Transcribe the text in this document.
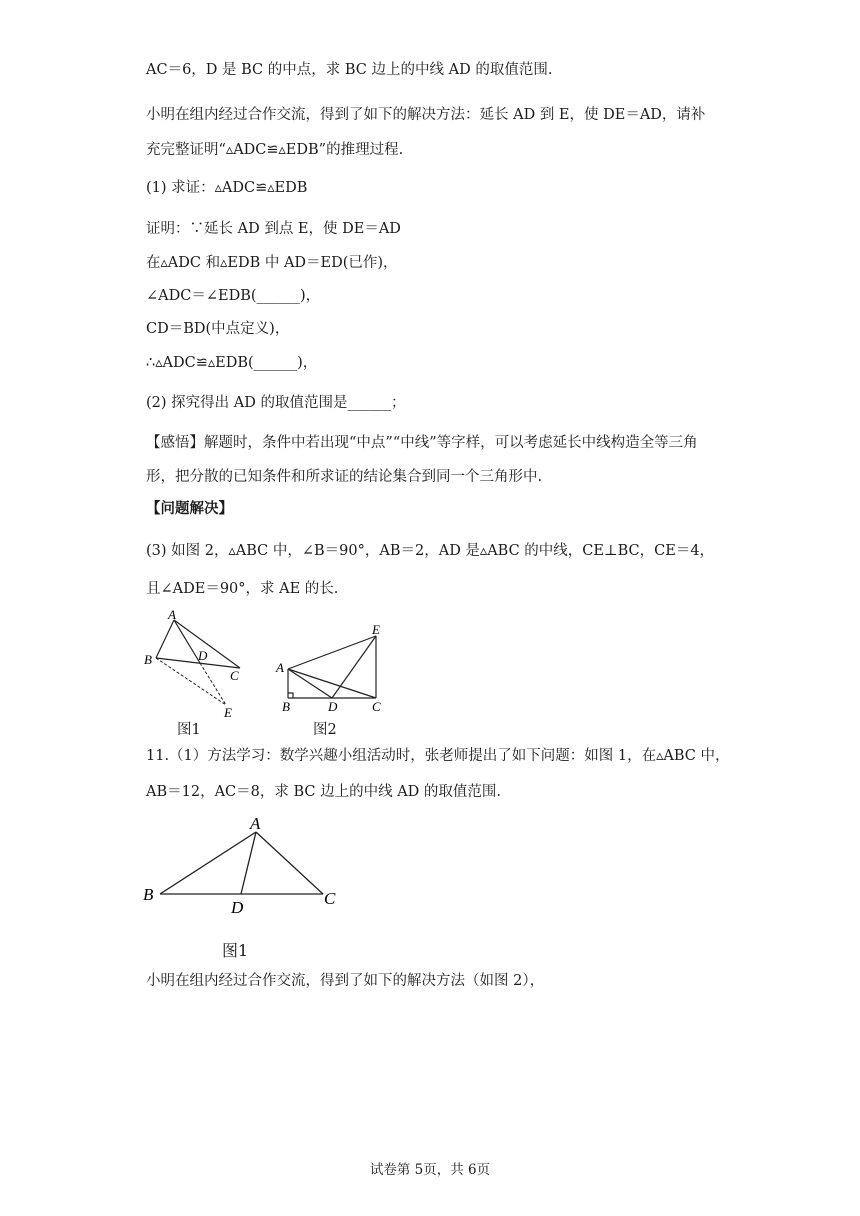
AC＝6，D 是 BC 的中点，求 BC 边上的中线 AD 的取值范围.
小明在组内经过合作交流，得到了如下的解决方法：延长 AD 到 E，使 DE＝AD，请补
充完整证明“▵ADC≌▵EDB”的推理过程.
(1) 求证：▵ADC≌▵EDB
证明：∵延长 AD 到点 E，使 DE＝AD
在▵ADC 和▵EDB 中 AD＝ED(已作)，
∠ADC＝∠EDB(______)，
CD＝BD(中点定义)，
∴▵ADC≌▵EDB(______)，
(2) 探究得出 AD 的取值范围是______；
【感悟】解题时，条件中若出现“中点”“中线”等字样，可以考虑延长中线构造全等三角
形，把分散的已知条件和所求证的结论集合到同一个三角形中.
【问题解决】
(3) 如图 2，▵ABC 中，∠B＝90°，AB＝2，AD 是▵ABC 的中线，CE⊥BC，CE＝4，
且∠ADE＝90°，求 AE 的长.
11.（1）方法学习：数学兴趣小组活动时，张老师提出了如下问题：如图 1，在▵ABC 中，
AB＝12，AC＝8，求 BC 边上的中线 AD 的取值范围.
小明在组内经过合作交流，得到了如下的解决方法（如图 2），
A
B
C
D
E
图1
E
A
B	D	C
图2
A
B
D	C
图1
试卷第 5页，共 6页
